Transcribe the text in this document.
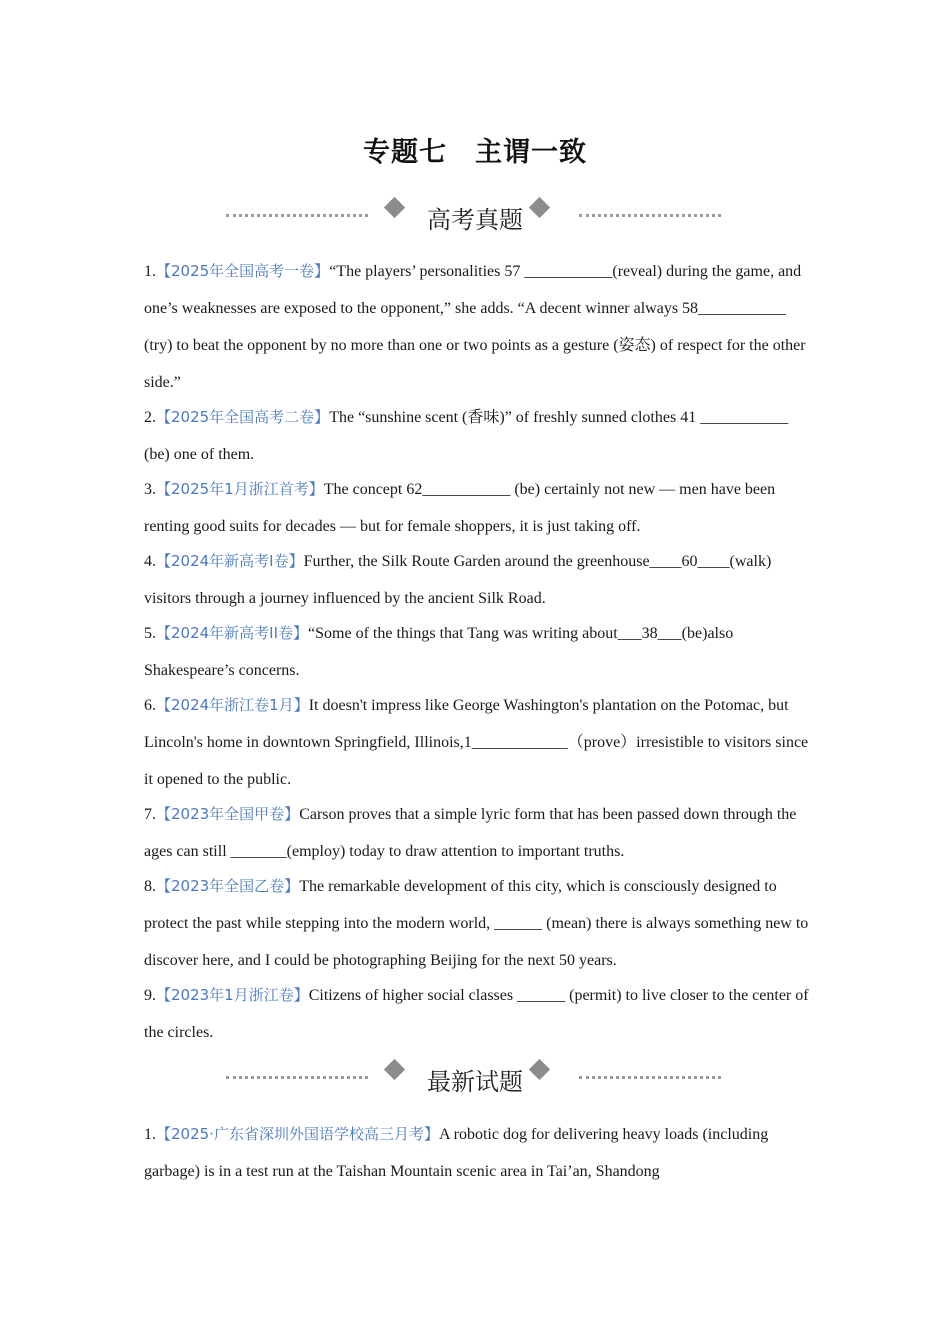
专题七　主谓一致
高考真题

1.【2025年全国高考一卷】“The players’ personalities 57 ___________(reveal) during the game, and one’s weaknesses are exposed to the opponent,” she adds. “A decent winner always 58___________ (try) to beat the opponent by no more than one or two points as a gesture (姿态) of respect for the other side.”

2.【2025年全国高考二卷】The “sunshine scent (香味)” of freshly sunned clothes 41 ___________ (be) one of them.

3.【2025年1月浙江首考】The concept 62___________ (be) certainly not new — men have been renting good suits for decades — but for female shoppers, it is just taking off.

4.【2024年新高考I卷】Further, the Silk Route Garden around the greenhouse____60____(walk) visitors through a journey influenced by the ancient Silk Road.

5.【2024年新高考II卷】“Some of the things that Tang was writing about___38___(be)also Shakespeare’s concerns.

6.【2024年浙江卷1月】It doesn't impress like George Washington's plantation on the Potomac, but Lincoln's home in downtown Springfield, Illinois,1____________（prove）irresistible to visitors since it opened to the public.

7.【2023年全国甲卷】Carson proves that a simple lyric form that has been passed down through the ages can still _______(employ) today to draw attention to important truths.

8.【2023年全国乙卷】The remarkable development of this city, which is consciously designed to protect the past while stepping into the modern world, ______ (mean) there is always something new to discover here, and I could be photographing Beijing for the next 50 years.

9.【2023年1月浙江卷】Citizens of higher social classes ______ (permit) to live closer to the center of the circles.

最新试题

1.【2025·广东省深圳外国语学校高三月考】A robotic dog for delivering heavy loads (including garbage) is in a test run at the Taishan Mountain scenic area in Tai’an, Shandong
